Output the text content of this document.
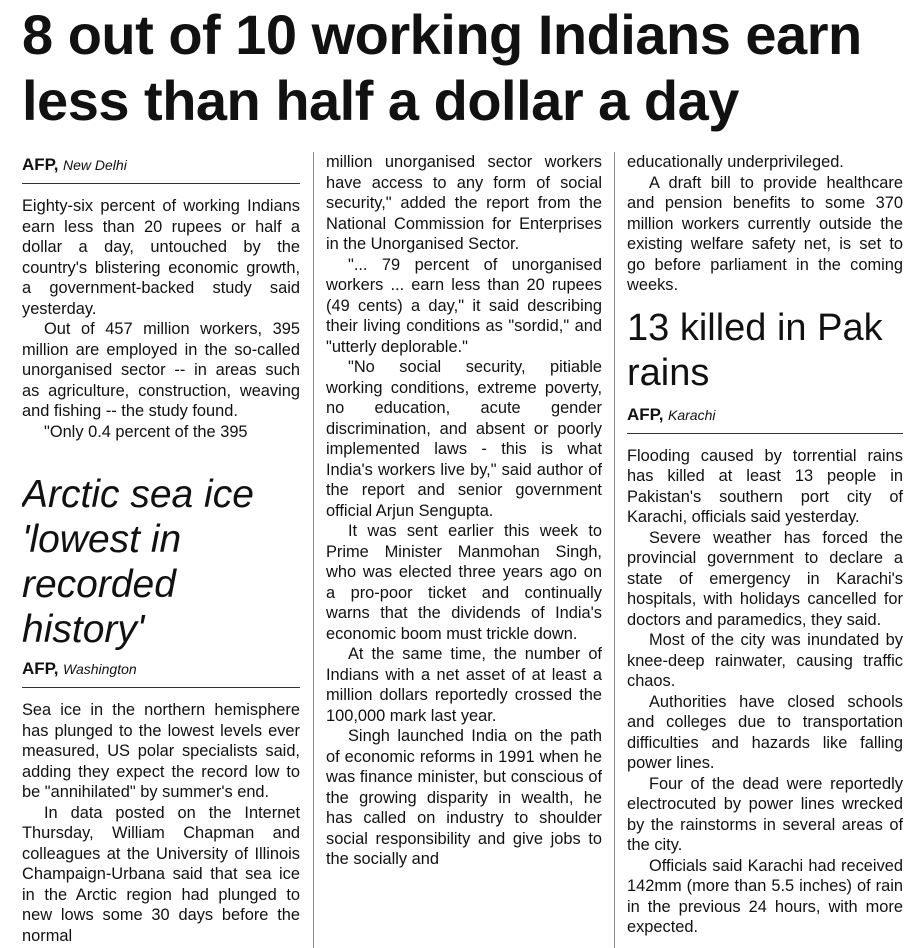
8 out of 10 working Indians earn less than half a dollar a day
AFP, New Delhi

Eighty-six percent of working Indians earn less than 20 rupees or half a dollar a day, untouched by the country's blistering economic growth, a government-backed study said yesterday.

Out of 457 million workers, 395 million are employed in the so-called unorganised sector -- in areas such as agriculture, construction, weaving and fishing -- the study found.

"Only 0.4 percent of the 395

Arctic sea ice 'lowest in recorded history'
AFP, Washington

Sea ice in the northern hemisphere has plunged to the lowest levels ever measured, US polar specialists said, adding they expect the record low to be "annihilated" by summer's end.

In data posted on the Internet Thursday, William Chapman and colleagues at the University of Illinois Champaign-Urbana said that sea ice in the Arctic region had plunged to new lows some 30 days before the normal

million unorganised sector workers have access to any form of social security," added the report from the National Commission for Enterprises in the Unorganised Sector.

"... 79 percent of unorganised workers ... earn less than 20 rupees (49 cents) a day," it said describing their living conditions as "sordid," and "utterly deplorable."

"No social security, pitiable working conditions, extreme poverty, no education, acute gender discrimination, and absent or poorly implemented laws - this is what India's workers live by," said author of the report and senior government official Arjun Sengupta.

It was sent earlier this week to Prime Minister Manmohan Singh, who was elected three years ago on a pro-poor ticket and continually warns that the dividends of India's economic boom must trickle down.

At the same time, the number of Indians with a net asset of at least a million dollars reportedly crossed the 100,000 mark last year.

Singh launched India on the path of economic reforms in 1991 when he was finance minister, but conscious of the growing disparity in wealth, he has called on industry to shoulder social responsibility and give jobs to the socially and

educationally underprivileged.

A draft bill to provide healthcare and pension benefits to some 370 million workers currently outside the existing welfare safety net, is set to go before parliament in the coming weeks.

13 killed in Pak rains
AFP, Karachi

Flooding caused by torrential rains has killed at least 13 people in Pakistan's southern port city of Karachi, officials said yesterday.

Severe weather has forced the provincial government to declare a state of emergency in Karachi's hospitals, with holidays cancelled for doctors and paramedics, they said.

Most of the city was inundated by knee-deep rainwater, causing traffic chaos.

Authorities have closed schools and colleges due to transportation difficulties and hazards like falling power lines.

Four of the dead were reportedly electrocuted by power lines wrecked by the rainstorms in several areas of the city.

Officials said Karachi had received 142mm (more than 5.5 inches) of rain in the previous 24 hours, with more expected.
